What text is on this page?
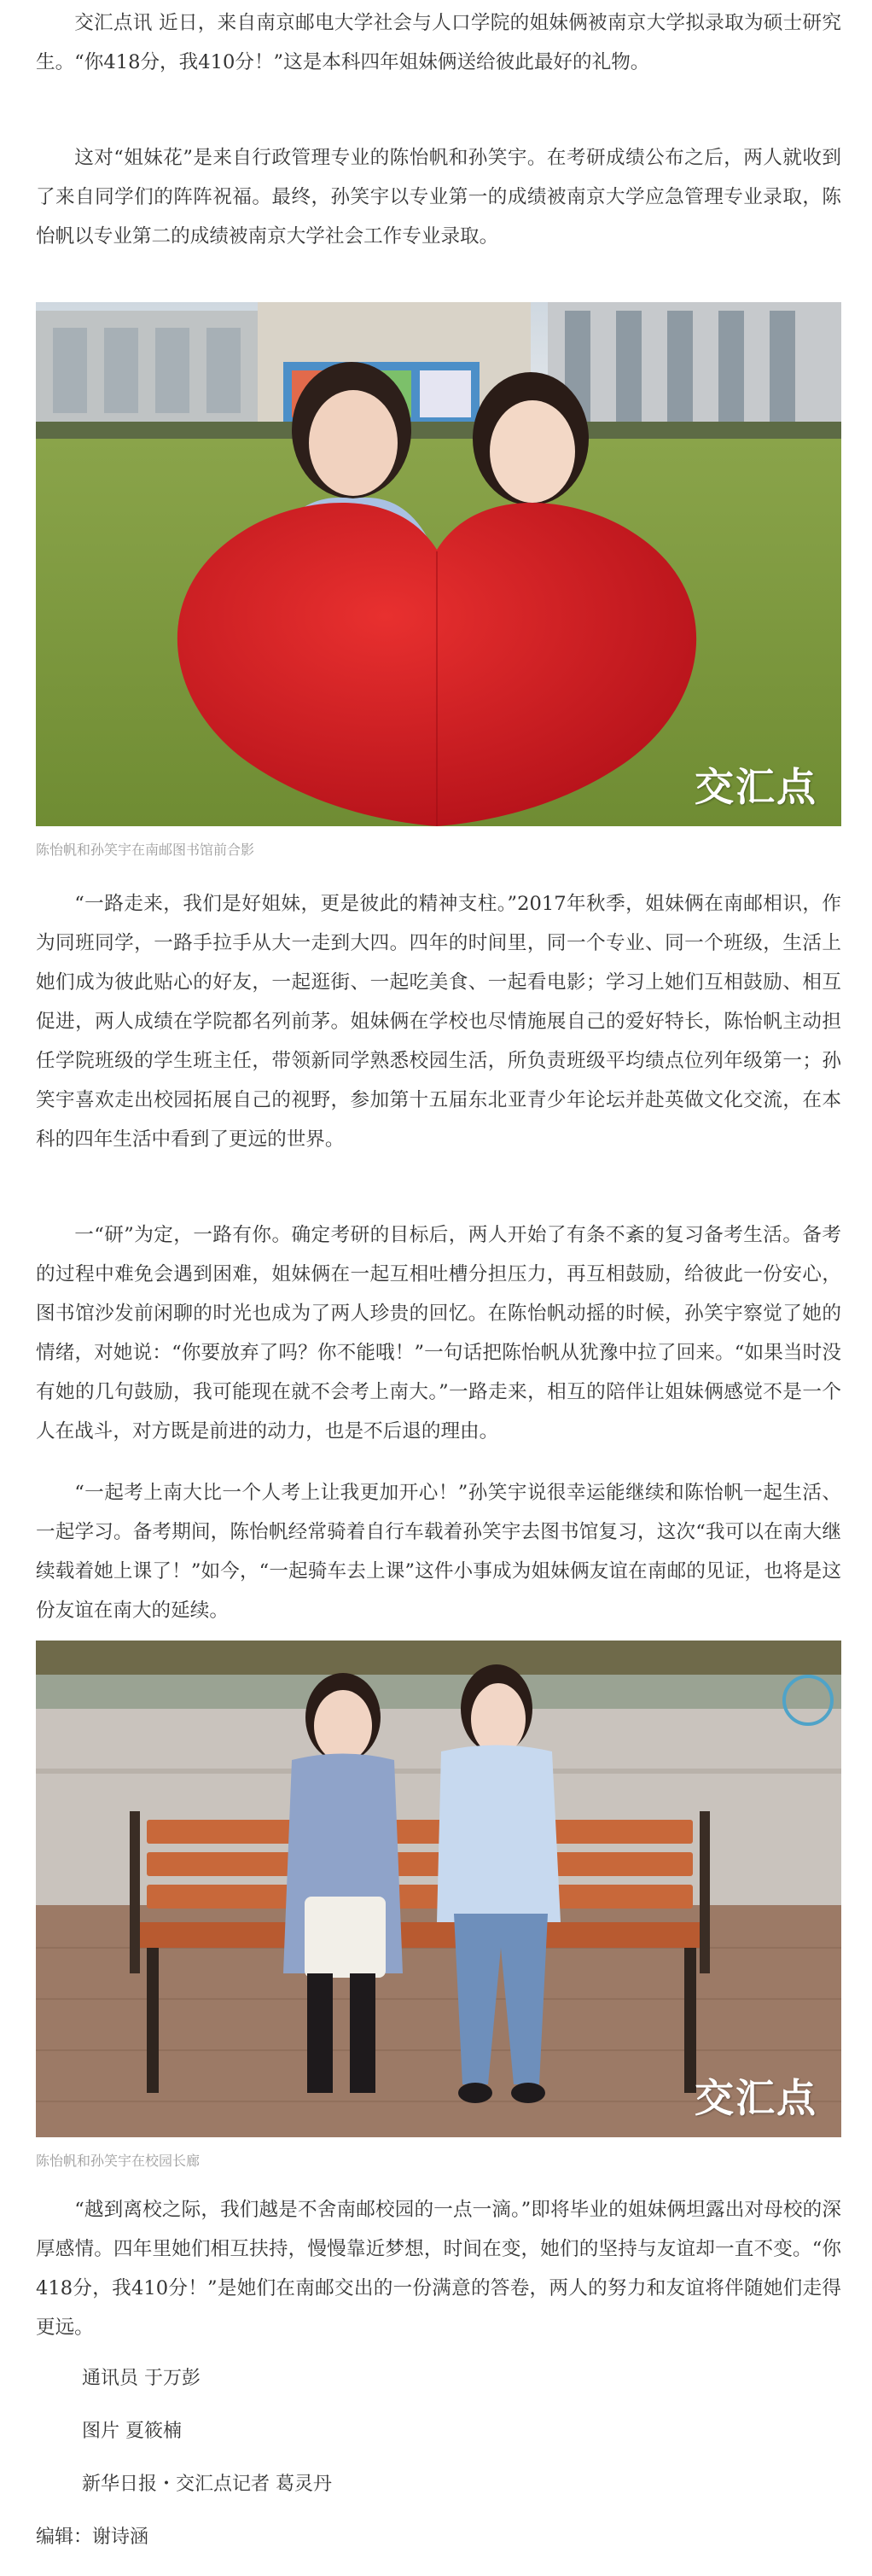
交汇点讯 近日，来自南京邮电大学社会与人口学院的姐妹俩被南京大学拟录取为硕士研究生。“你418分，我410分！”这是本科四年姐妹俩送给彼此最好的礼物。

这对“姐妹花”是来自行政管理专业的陈怡帆和孙笑宇。在考研成绩公布之后，两人就收到了来自同学们的阵阵祝福。最终，孙笑宇以专业第一的成绩被南京大学应急管理专业录取，陈怡帆以专业第二的成绩被南京大学社会工作专业录取。

交汇点

陈怡帆和孙笑宇在南邮图书馆前合影

“一路走来，我们是好姐妹，更是彼此的精神支柱。”2017年秋季，姐妹俩在南邮相识，作为同班同学，一路手拉手从大一走到大四。四年的时间里，同一个专业、同一个班级，生活上她们成为彼此贴心的好友，一起逛街、一起吃美食、一起看电影；学习上她们互相鼓励、相互促进，两人成绩在学院都名列前茅。姐妹俩在学校也尽情施展自己的爱好特长，陈怡帆主动担任学院班级的学生班主任，带领新同学熟悉校园生活，所负责班级平均绩点位列年级第一；孙笑宇喜欢走出校园拓展自己的视野，参加第十五届东北亚青少年论坛并赴英做文化交流，在本科的四年生活中看到了更远的世界。

一“研”为定，一路有你。确定考研的目标后，两人开始了有条不紊的复习备考生活。备考的过程中难免会遇到困难，姐妹俩在一起互相吐槽分担压力，再互相鼓励，给彼此一份安心，图书馆沙发前闲聊的时光也成为了两人珍贵的回忆。在陈怡帆动摇的时候，孙笑宇察觉了她的情绪，对她说：“你要放弃了吗？你不能哦！”一句话把陈怡帆从犹豫中拉了回来。“如果当时没有她的几句鼓励，我可能现在就不会考上南大。”一路走来，相互的陪伴让姐妹俩感觉不是一个人在战斗，对方既是前进的动力，也是不后退的理由。

“一起考上南大比一个人考上让我更加开心！”孙笑宇说很幸运能继续和陈怡帆一起生活、一起学习。备考期间，陈怡帆经常骑着自行车载着孙笑宇去图书馆复习，这次“我可以在南大继续载着她上课了！”如今，“一起骑车去上课”这件小事成为姐妹俩友谊在南邮的见证，也将是这份友谊在南大的延续。

交汇点

陈怡帆和孙笑宇在校园长廊

“越到离校之际，我们越是不舍南邮校园的一点一滴。”即将毕业的姐妹俩坦露出对母校的深厚感情。四年里她们相互扶持，慢慢靠近梦想，时间在变，她们的坚持与友谊却一直不变。“你418分，我410分！”是她们在南邮交出的一份满意的答卷，两人的努力和友谊将伴随她们走得更远。

通讯员 于万彭

图片 夏筱楠

新华日报・交汇点记者 葛灵丹

编辑：谢诗涵
